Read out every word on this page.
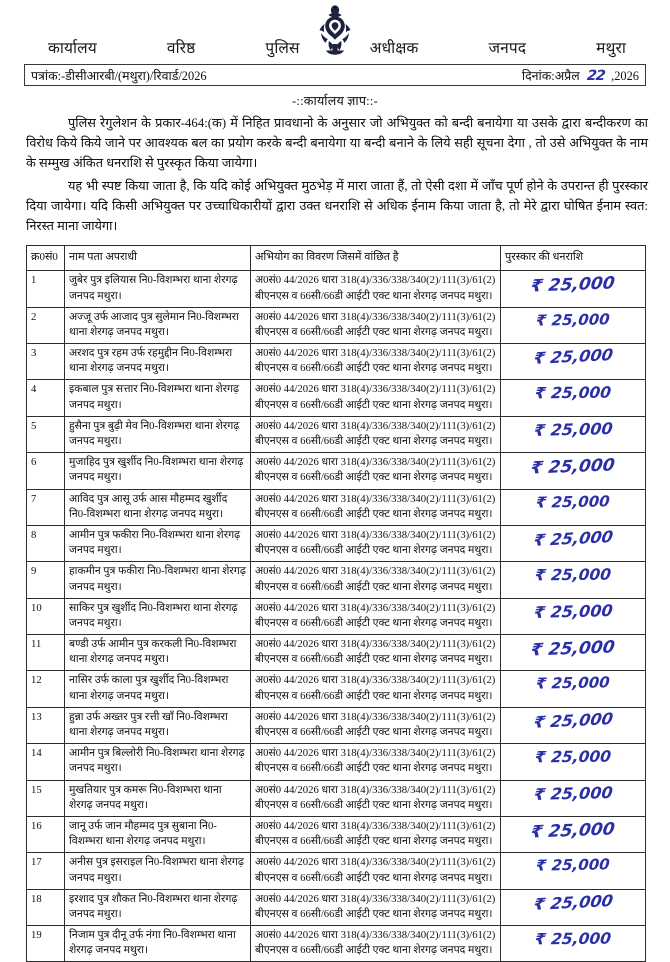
कार्यालय	वरिष्ठ	पुलिस	अधीक्षक	जनपद	मथुरा
पत्रांक:-डीसीआरबी/(मथुरा)/रिवार्ड/2026	दिनांक:अप्रैल 22 ,2026
-::कार्यालय ज्ञाप::-

पुलिस रेगुलेशन के प्रकार-464:(क) में निहित प्रावधानो के अनुसार जो अभियुक्त को बन्दी बनायेगा या उसके द्वारा बन्दीकरण का विरोध किये किये जाने पर आवश्यक बल का प्रयोग करके बन्दी बनायेगा या बन्दी बनाने के लिये सही सूचना देगा , तो उसे अभियुक्त के नाम के सम्मुख अंकित धनराशि से पुरस्कृत किया जायेगा।

यह भी स्पष्ट किया जाता है, कि यदि कोई अभियुक्त मुठभेड़ में मारा जाता हैं, तो ऐसी दशा में जाँच पूर्ण होने के उपरान्त ही पुरस्कार दिया जायेगा। यदि किसी अभियुक्त पर उच्चाधिकारीयों द्वारा उक्त धनराशि से अधिक ईनाम किया जाता है, तो मेरे द्वारा घोषित ईनाम स्वत: निरस्त माना जायेगा।

क्र0सं0	नाम पता अपराधी	अभियोग का विवरण जिसमें वांछित है	पुरस्कार की धनराशि
1	जुबेर पुत्र इलियास नि0-विशम्भरा थाना शेरगढ़ जनपद मथुरा।	अ0सं0 44/2026 धारा 318(4)/336/338/340(2)/111(3)/61(2)
बीएनएस व 66सी/66डी आईटी एक्ट थाना शेरगढ़ जनपद मथुरा।	₹ 25,000
2	अज्जू उर्फ आजाद पुत्र सुलेमान नि0-विशम्भरा थाना शेरगढ़ जनपद मथुरा।	अ0सं0 44/2026 धारा 318(4)/336/338/340(2)/111(3)/61(2)
बीएनएस व 66सी/66डी आईटी एक्ट थाना शेरगढ़ जनपद मथुरा।	₹ 25,000
3	अरशद पुत्र रहम उर्फ रहमुद्दीन नि0-विशम्भरा थाना शेरगढ़ जनपद मथुरा।	अ0सं0 44/2026 धारा 318(4)/336/338/340(2)/111(3)/61(2)
बीएनएस व 66सी/66डी आईटी एक्ट थाना शेरगढ़ जनपद मथुरा।	₹ 25,000
4	इकबाल पुत्र सत्तार नि0-विशम्भरा थाना शेरगढ़ जनपद मथुरा।	अ0सं0 44/2026 धारा 318(4)/336/338/340(2)/111(3)/61(2)
बीएनएस व 66सी/66डी आईटी एक्ट थाना शेरगढ़ जनपद मथुरा।	₹ 25,000
5	हुसैना पुत्र बुढ़ी मेव नि0-विशम्भरा थाना शेरगढ़ जनपद मथुरा।	अ0सं0 44/2026 धारा 318(4)/336/338/340(2)/111(3)/61(2)
बीएनएस व 66सी/66डी आईटी एक्ट थाना शेरगढ़ जनपद मथुरा।	₹ 25,000
6	मुजाहिद पुत्र खुर्शीद नि0-विशम्भरा थाना शेरगढ़ जनपद मथुरा।	अ0सं0 44/2026 धारा 318(4)/336/338/340(2)/111(3)/61(2)
बीएनएस व 66सी/66डी आईटी एक्ट थाना शेरगढ़ जनपद मथुरा।	₹ 25,000
7	आविद पुत्र आसू उर्फ आस मौहम्मद खुर्शीद नि0-विशम्भरा थाना शेरगढ़ जनपद मथुरा।	अ0सं0 44/2026 धारा 318(4)/336/338/340(2)/111(3)/61(2)
बीएनएस व 66सी/66डी आईटी एक्ट थाना शेरगढ़ जनपद मथुरा।	₹ 25,000
8	आमीन पुत्र फकीरा नि0-विशम्भरा थाना शेरगढ़ जनपद मथुरा।	अ0सं0 44/2026 धारा 318(4)/336/338/340(2)/111(3)/61(2)
बीएनएस व 66सी/66डी आईटी एक्ट थाना शेरगढ़ जनपद मथुरा।	₹ 25,000
9	हाकमीन पुत्र फकीरा नि0-विशम्भरा थाना शेरगढ़ जनपद मथुरा।	अ0सं0 44/2026 धारा 318(4)/336/338/340(2)/111(3)/61(2)
बीएनएस व 66सी/66डी आईटी एक्ट थाना शेरगढ़ जनपद मथुरा।	₹ 25,000
10	साकिर पुत्र खुर्शीद नि0-विशम्भरा थाना शेरगढ़ जनपद मथुरा।	अ0सं0 44/2026 धारा 318(4)/336/338/340(2)/111(3)/61(2)
बीएनएस व 66सी/66डी आईटी एक्ट थाना शेरगढ़ जनपद मथुरा।	₹ 25,000
11	बण्डी उर्फ आमीन पुत्र करकली नि0-विशम्भरा थाना शेरगढ़ जनपद मथुरा।	अ0सं0 44/2026 धारा 318(4)/336/338/340(2)/111(3)/61(2)
बीएनएस व 66सी/66डी आईटी एक्ट थाना शेरगढ़ जनपद मथुरा।	₹ 25,000
12	नासिर उर्फ काला पुत्र खुर्शीद नि0-विशम्भरा थाना शेरगढ़ जनपद मथुरा।	अ0सं0 44/2026 धारा 318(4)/336/338/340(2)/111(3)/61(2)
बीएनएस व 66सी/66डी आईटी एक्ट थाना शेरगढ़ जनपद मथुरा।	₹ 25,000
13	हुन्ना उर्फ अख्तर पुत्र रत्ती खाँ नि0-विशम्भरा थाना शेरगढ़ जनपद मथुरा।	अ0सं0 44/2026 धारा 318(4)/336/338/340(2)/111(3)/61(2)
बीएनएस व 66सी/66डी आईटी एक्ट थाना शेरगढ़ जनपद मथुरा।	₹ 25,000
14	आमीन पुत्र बिल्लोरी नि0-विशम्भरा थाना शेरगढ़ जनपद मथुरा।	अ0सं0 44/2026 धारा 318(4)/336/338/340(2)/111(3)/61(2)
बीएनएस व 66सी/66डी आईटी एक्ट थाना शेरगढ़ जनपद मथुरा।	₹ 25,000
15	मुखतियार पुत्र कमरू नि0-विशम्भरा थाना शेरगढ़ जनपद मथुरा।	अ0सं0 44/2026 धारा 318(4)/336/338/340(2)/111(3)/61(2)
बीएनएस व 66सी/66डी आईटी एक्ट थाना शेरगढ़ जनपद मथुरा।	₹ 25,000
16	जानू उर्फ जान मौहम्मद पुत्र सुबाना नि0-विशम्भरा थाना शेरगढ़ जनपद मथुरा।	अ0सं0 44/2026 धारा 318(4)/336/338/340(2)/111(3)/61(2)
बीएनएस व 66सी/66डी आईटी एक्ट थाना शेरगढ़ जनपद मथुरा।	₹ 25,000
17	अनीस पुत्र इसराइल नि0-विशम्भरा थाना शेरगढ़ जनपद मथुरा।	अ0सं0 44/2026 धारा 318(4)/336/338/340(2)/111(3)/61(2)
बीएनएस व 66सी/66डी आईटी एक्ट थाना शेरगढ़ जनपद मथुरा।	₹ 25,000
18	इरशाद पुत्र शौकत नि0-विशम्भरा थाना शेरगढ़ जनपद मथुरा।	अ0सं0 44/2026 धारा 318(4)/336/338/340(2)/111(3)/61(2)
बीएनएस व 66सी/66डी आईटी एक्ट थाना शेरगढ़ जनपद मथुरा।	₹ 25,000
19	निजाम पुत्र दीनू उर्फ नंगा नि0-विशम्भरा थाना शेरगढ़ जनपद मथुरा।	अ0सं0 44/2026 धारा 318(4)/336/338/340(2)/111(3)/61(2)
बीएनएस व 66सी/66डी आईटी एक्ट थाना शेरगढ़ जनपद मथुरा।	₹ 25,000
